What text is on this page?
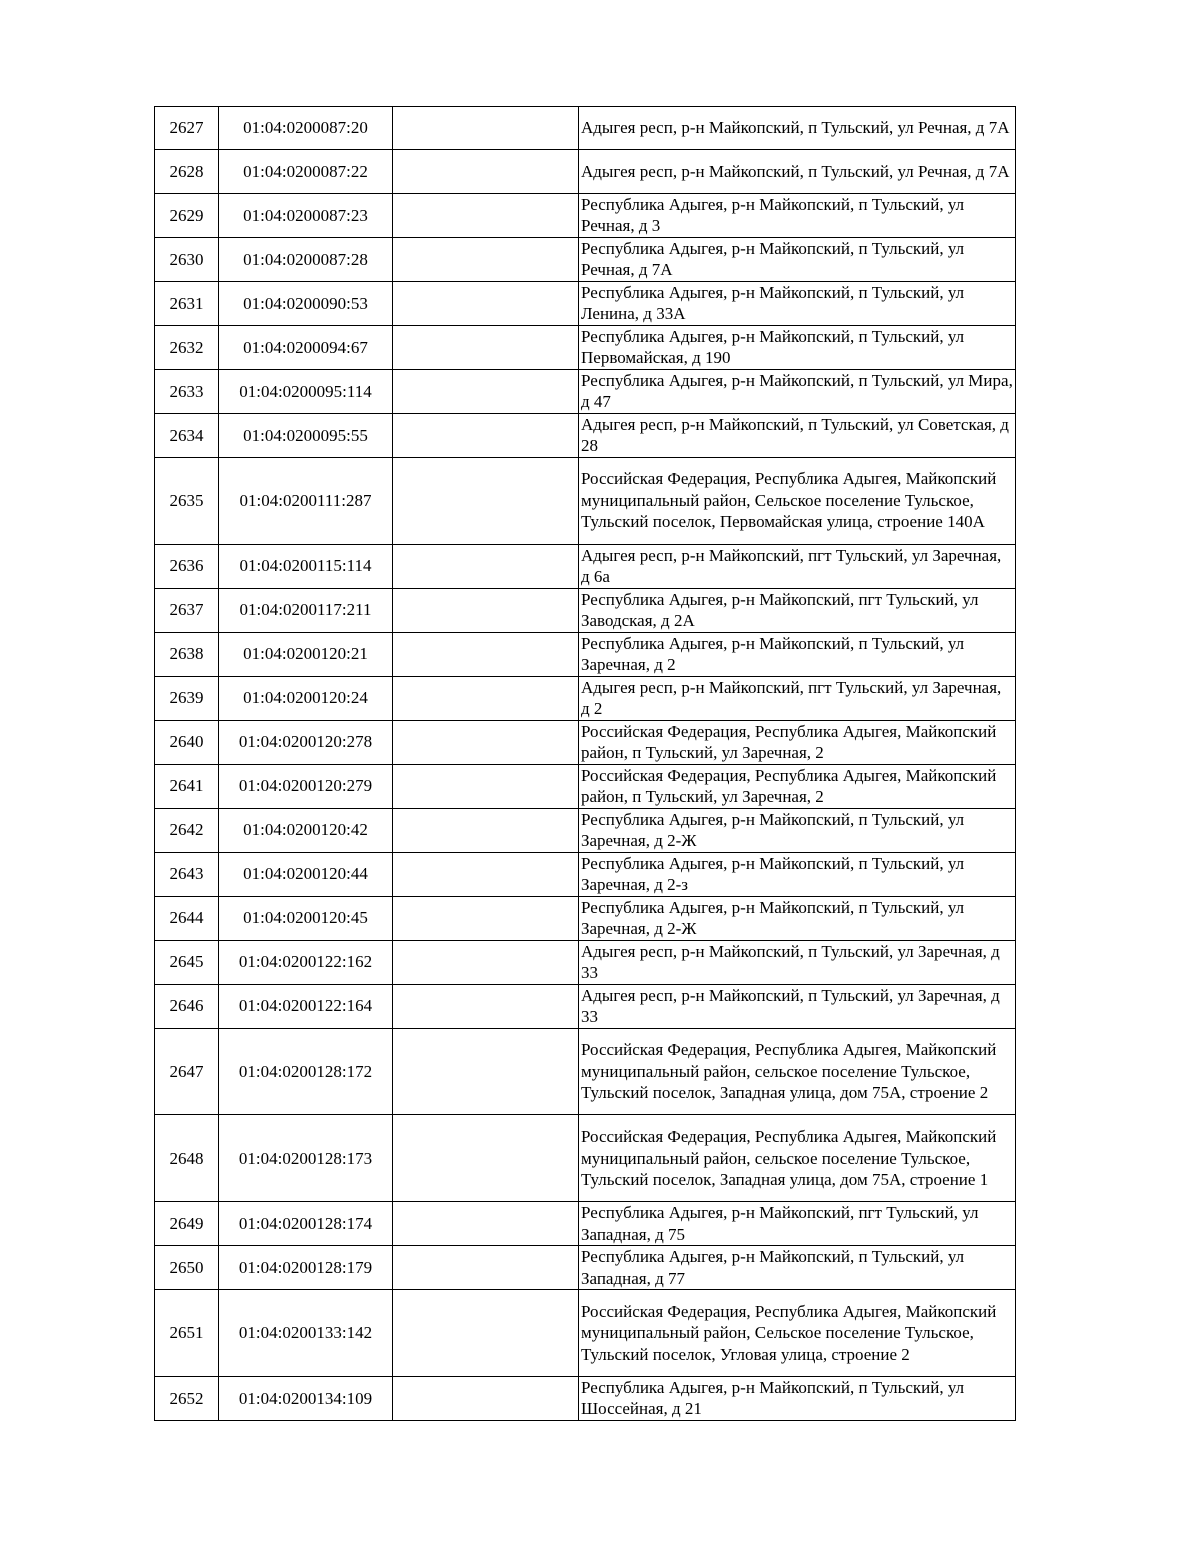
2627	01:04:0200087:20		Адыгея респ, р-н Майкопский, п Тульский, ул Речная, д 7А
2628	01:04:0200087:22		Адыгея респ, р-н Майкопский, п Тульский, ул Речная, д 7А
2629	01:04:0200087:23		Республика Адыгея, р-н Майкопский, п Тульский, ул Речная, д 3
2630	01:04:0200087:28		Республика Адыгея, р-н Майкопский, п Тульский, ул Речная, д 7А
2631	01:04:0200090:53		Республика Адыгея, р-н Майкопский, п Тульский, ул Ленина, д 33А
2632	01:04:0200094:67		Республика Адыгея, р-н Майкопский, п Тульский, ул Первомайская, д 190
2633	01:04:0200095:114		Республика Адыгея, р-н Майкопский, п Тульский, ул Мира, д 47
2634	01:04:0200095:55		Адыгея респ, р-н Майкопский, п Тульский, ул Советская, д 28
2635	01:04:0200111:287		Российская Федерация, Республика Адыгея, Майкопский муниципальный район, Сельское поселение Тульское, Тульский поселок, Первомайская улица, строение 140А
2636	01:04:0200115:114		Адыгея респ, р-н Майкопский, пгт Тульский, ул Заречная, д 6а
2637	01:04:0200117:211		Республика Адыгея, р-н Майкопский, пгт Тульский, ул Заводская, д 2А
2638	01:04:0200120:21		Республика Адыгея, р-н Майкопский, п Тульский, ул Заречная, д 2
2639	01:04:0200120:24		Адыгея респ, р-н Майкопский, пгт Тульский, ул Заречная, д 2
2640	01:04:0200120:278		Российская Федерация, Республика Адыгея, Майкопский район, п Тульский, ул Заречная, 2
2641	01:04:0200120:279		Российская Федерация, Республика Адыгея, Майкопский район, п Тульский, ул Заречная, 2
2642	01:04:0200120:42		Республика Адыгея, р-н Майкопский, п Тульский, ул Заречная, д 2-Ж
2643	01:04:0200120:44		Республика Адыгея, р-н Майкопский, п Тульский, ул Заречная, д 2-з
2644	01:04:0200120:45		Республика Адыгея, р-н Майкопский, п Тульский, ул Заречная, д 2-Ж
2645	01:04:0200122:162		Адыгея респ, р-н Майкопский, п Тульский, ул Заречная, д 33
2646	01:04:0200122:164		Адыгея респ, р-н Майкопский, п Тульский, ул Заречная, д 33
2647	01:04:0200128:172		Российская Федерация, Республика Адыгея, Майкопский муниципальный район, сельское поселение Тульское, Тульский поселок, Западная улица, дом 75А, строение 2
2648	01:04:0200128:173		Российская Федерация, Республика Адыгея, Майкопский муниципальный район, сельское поселение Тульское, Тульский поселок, Западная улица, дом 75А, строение 1
2649	01:04:0200128:174		Республика Адыгея, р-н Майкопский, пгт Тульский, ул Западная, д 75
2650	01:04:0200128:179		Республика Адыгея, р-н Майкопский, п Тульский, ул Западная, д 77
2651	01:04:0200133:142		Российская Федерация, Республика Адыгея, Майкопский муниципальный район, Сельское поселение Тульское, Тульский поселок, Угловая улица, строение 2
2652	01:04:0200134:109		Республика Адыгея, р-н Майкопский, п Тульский, ул Шоссейная, д 21
